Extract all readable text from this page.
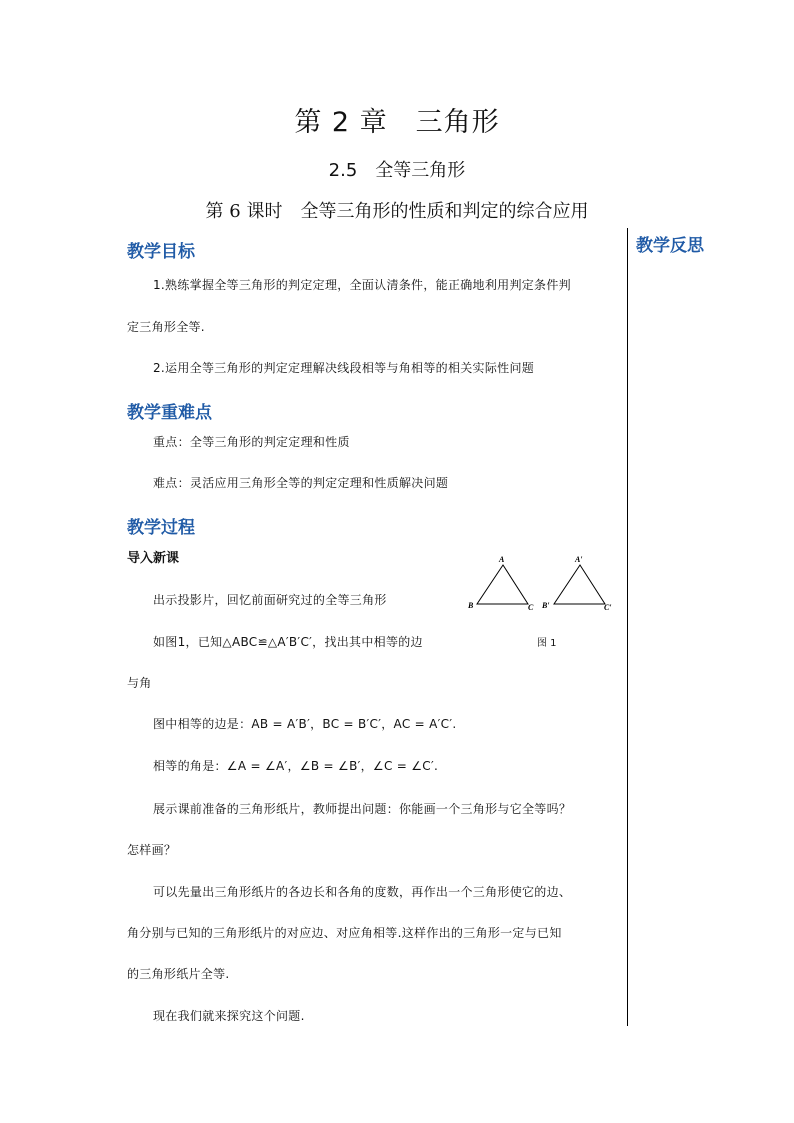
第 2 章　三角形
2.5　全等三角形
第 6 课时　全等三角形的性质和判定的综合应用
教学反思
教学目标
1.熟练掌握全等三角形的判定定理，全面认清条件，能正确地利用判定条件判
定三角形全等.
2.运用全等三角形的判定定理解决线段相等与角相等的相关实际性问题
教学重难点
重点：全等三角形的判定定理和性质
难点：灵活应用三角形全等的判定定理和性质解决问题
教学过程
导入新课
出示投影片，回忆前面研究过的全等三角形
如图1，已知△ABC≌△A′B′C′，找出其中相等的边
与角
图中相等的边是：AB = A′B′，BC = B′C′，AC = A′C′.
相等的角是：∠A = ∠A′，∠B = ∠B′，∠C = ∠C′.
展示课前准备的三角形纸片，教师提出问题：你能画一个三角形与它全等吗？
怎样画？
可以先量出三角形纸片的各边长和各角的度数，再作出一个三角形使它的边、
角分别与已知的三角形纸片的对应边、对应角相等.这样作出的三角形一定与已知
的三角形纸片全等.
现在我们就来探究这个问题.
A
B	C
A′
B′	C′
图 1
